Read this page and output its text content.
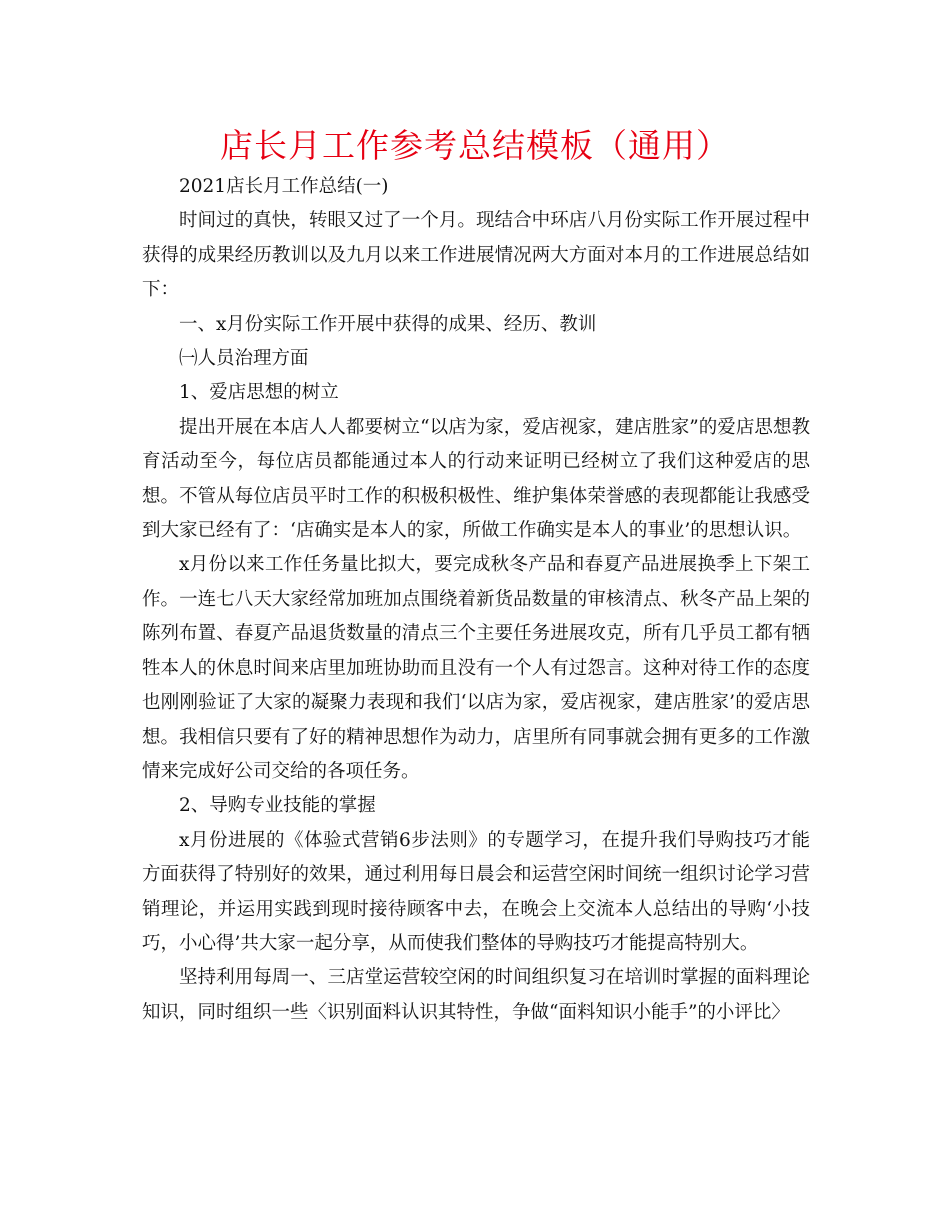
店长月工作参考总结模板（通用）

2021店长月工作总结(一)

时间过的真快，转眼又过了一个月。现结合中环店八月份实际工作开展过程中获得的成果经历教训以及九月以来工作进展情况两大方面对本月的工作进展总结如下：

一、x月份实际工作开展中获得的成果、经历、教训

㈠人员治理方面

1、爱店思想的树立

提出开展在本店人人都要树立“以店为家，爱店视家，建店胜家”的爱店思想教育活动至今，每位店员都能通过本人的行动来证明已经树立了我们这种爱店的思想。不管从每位店员平时工作的积极积极性、维护集体荣誉感的表现都能让我感受到大家已经有了：‘店确实是本人的家，所做工作确实是本人的事业’的思想认识。

x月份以来工作任务量比拟大，要完成秋冬产品和春夏产品进展换季上下架工作。一连七八天大家经常加班加点围绕着新货品数量的审核清点、秋冬产品上架的陈列布置、春夏产品退货数量的清点三个主要任务进展攻克，所有几乎员工都有牺牲本人的休息时间来店里加班协助而且没有一个人有过怨言。这种对待工作的态度也刚刚验证了大家的凝聚力表现和我们‘以店为家，爱店视家，建店胜家’的爱店思想。我相信只要有了好的精神思想作为动力，店里所有同事就会拥有更多的工作激情来完成好公司交给的各项任务。

2、导购专业技能的掌握

x月份进展的《体验式营销6步法则》的专题学习，在提升我们导购技巧才能方面获得了特别好的效果，通过利用每日晨会和运营空闲时间统一组织讨论学习营销理论，并运用实践到现时接待顾客中去，在晚会上交流本人总结出的导购‘小技巧，小心得’共大家一起分享，从而使我们整体的导购技巧才能提高特别大。

坚持利用每周一、三店堂运营较空闲的时间组织复习在培训时掌握的面料理论知识，同时组织一些〈识别面料认识其特性，争做“面料知识小能手”的小评比〉
